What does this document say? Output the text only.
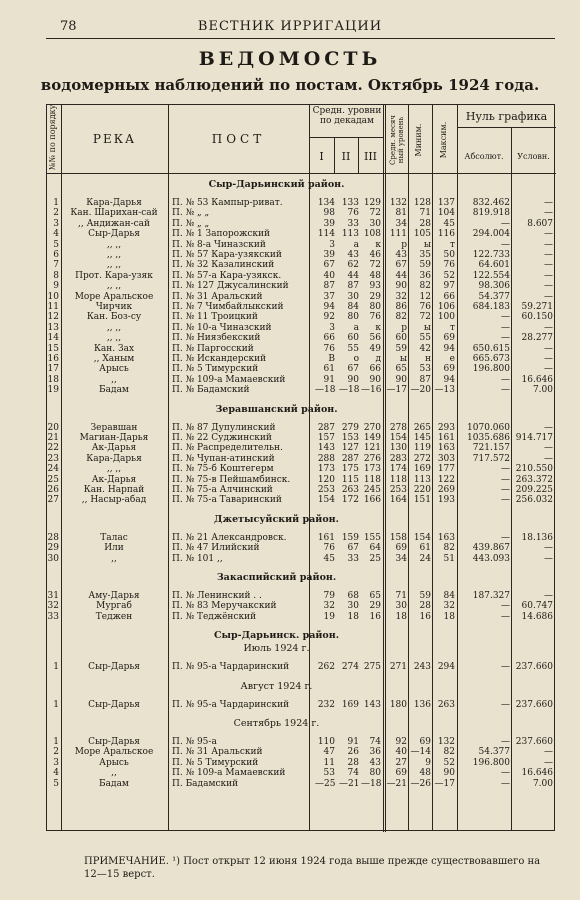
78	ВЕСТНИК ИРРИГАЦИИ
ВЕДОМОСТЬ
водомерных наблюдений по постам. Октябрь 1924 года.
№№ по порядку	РЕКА	ПОСТ
Средн. уровни по декадам
I	II	III	Средн. месяч ный уровень Миним.	Максим.
Нуль графика
Абсолют.	Условн.
Сыр-Дарьинский район.
1	Кара-Дарья	П. № 53 Кампыр-риват.	134 133 129 132 128 137	832.462	—
2	Кан. Шарихан-сай	П. № „ „	98	76	72	81	71 104	819.918	—
3	,, Андижан-сай	П. № „ „	39	33	30	34	28	45	—	8.607
4	Сыр-Дарья	П. № 1 Запорожский	114 113 108 111 105 116	294.004	—
5	,, ,,	П. № 8-а Чиназский	3	а	к	р	ы	т	—	—
6	,, ,,	П. № 57 Кара-узякский	39	43	46	43	35	50	122.733	—
7	,, ,,	П. № 32 Казалинский	67	62	72	67	59	76	64.601	—
8	Прот. Кара-узяк	П. № 57-а Кара-узякск.	40	44	48	44	36	52	122.554	—
9	,, ,,	П. № 127 Джусалинский	87	87	93	90	82	97	98.306	—
10	Море Аральское	П. № 31 Аральский	37	30	29	32	12	66	54.377	—
11	Чирчик	П. № 7 Чимбайлыкский	94	84	80	86	76 106	684.183	59.271
12	Кан. Боз-су	П. № 11 Троицкий	92	80	76	82	72 100	—	60.150
13	,, ,,	П. № 10-а Чиназский	3	а	к	р	ы	т	—	—
14	,, ,,	П. № Ниязбекский	66	60	56	60	55	69	—	28.277
15	Кан. Зах	П. № Паргосский	76	55	49	59	42	94	650.615	—
16	,, Ханым	П. № Искандерский	В	о	д	ы	н	е	665.673	—
17	Арысь	П. № 5 Тимурский	61	67	66	65	53	69	196.800	—
18	,,	П. № 109-а Мамаевский	91	90	90	90	87	94	—	16.646
19	Бадам	П. № Бадамский	—18 —18 —16 —17 —20 —13	—	7.00
Зеравшанский район.
20	Зеравшан	П. № 87 Дупулинский	287 279 270 278 265 293	1070.060	—
21	Магиан-Дарья	П. № 22 Суджинский	157 153 149 154 145 161	1035.686 914.717
22	Ак-Дарья	П. № Распределительн.	143 127 121 130 119 163	721.157	—
23	Кара-Дарья	П. № Чупан-атинский	288 287 276 283 272 303	717.572	—
24	,, ,,	П. № 75-б Коштегерм	173 175 173 174 169 177	— 210.550
25	Ак-Дарья	П. № 75-в Пейшамбинск.	120 115 118 118 113 122	— 263.372
26	Кан. Нарпай	П. № 75-а Алчинский	253 263 245 253 220 269	— 209.225
27	,, Насыр-абад	П. № 75-а Таваринский	154 172 166 164 151 193	— 256.032
Джетысуйский район.
28	Талас	П. № 21 Александровск.	161 159 155 158 154 163	—	18.136
29	Или	П. № 47 Илийский	76	67	64	69	61	82	439.867	—
30	,,	П. № 101 ,,	45	33	25	34	24	51	443.093	—
Закаспийский район.
31	Аму-Дарья	П. № Ленинский . .	79	68	65	71	59	84	187.327	—
32	Мургаб	П. № 83 Меручакский	32	30	29	30	28	32	—	60.747
33	Теджен	П. № Теджёнский	19	18	16	18	16	18	—	14.686
Сыр-Дарьинск. район.
Июль 1924 г.
1	Сыр-Дарья	П. № 95-а Чардаринский	262 274 275 271 243 294	— 237.660
Август 1924 г.
1	Сыр-Дарья	П. № 95-а Чардаринский	232 169 143 180 136 263	— 237.660
Сентябрь 1924 г.
1	Сыр-Дарья	П. № 95-а	110	91	74	92	69 132	— 237.660
2	Море Аральское	П. № 31 Аральский	47	26	36	40 —14	82	54.377	—
3	Арысь	П. № 5 Тимурский	11	28	43	27	9	52	196.800	—
4	,,	П. № 109-а Мамаевский	53	74	80	69	48	90	—	16.646
5	Бадам	П. Бадамский	—25 —21 —18 —21 —26 —17	—	7.00
ПРИМЕЧАНИЕ. ¹) Пост открыт 12 июня 1924 года выше прежде существовавшего на 12—15 верст.
